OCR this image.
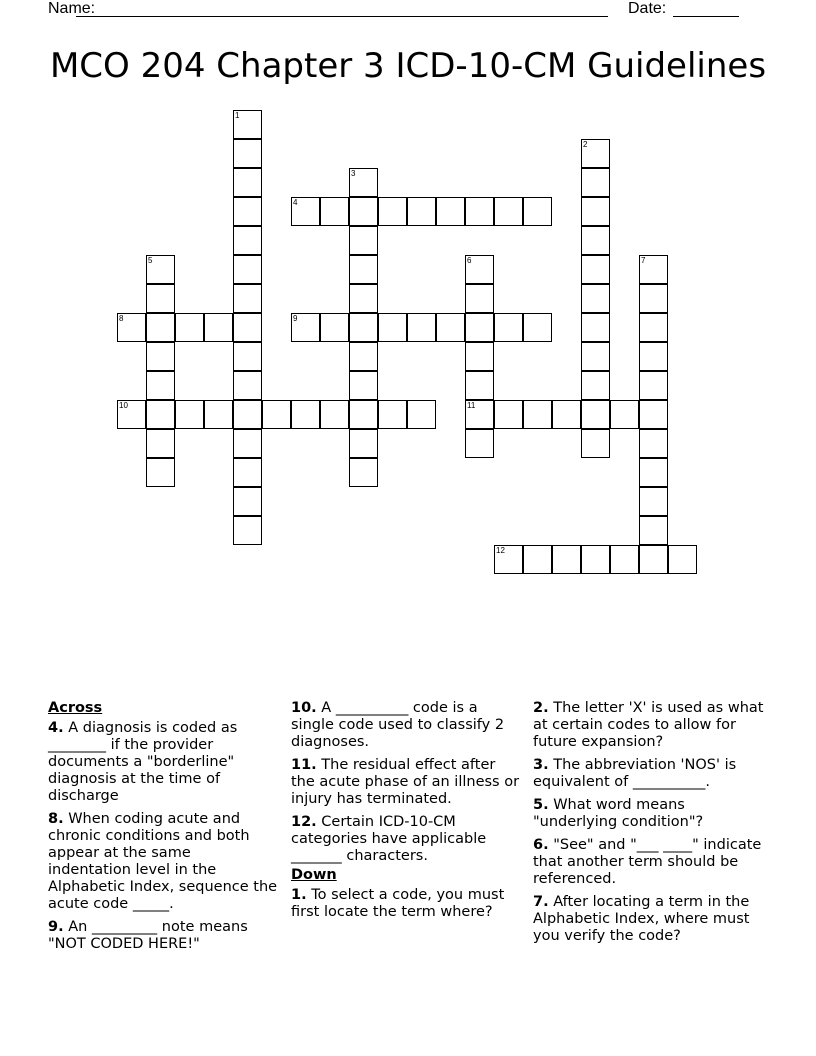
Name:	Date:
MCO 204 Chapter 3 ICD-10-CM Guidelines
1
2
3
4
5	6
11
7
8	9
10
12
Across
4. A diagnosis is coded as ________ if the provider documents a "borderline" diagnosis at the time of discharge
8. When coding acute and chronic conditions and both appear at the same indentation level in the Alphabetic Index, sequence the acute code _____.
9. An _________ note means "NOT CODED HERE!"
10. A __________ code is a single code used to classify 2 diagnoses.
11. The residual effect after the acute phase of an illness or injury has terminated.
12. Certain ICD-10-CM categories have applicable _______ characters.
Down
1. To select a code, you must first locate the term where?
2. The letter 'X' is used as what at certain codes to allow for future expansion?
3. The abbreviation 'NOS' is equivalent of __________.
5. What word means "underlying condition"?
6. "See" and "___ ____" indicate that another term should be referenced.
7. After locating a term in the Alphabetic Index, where must you verify the code?
